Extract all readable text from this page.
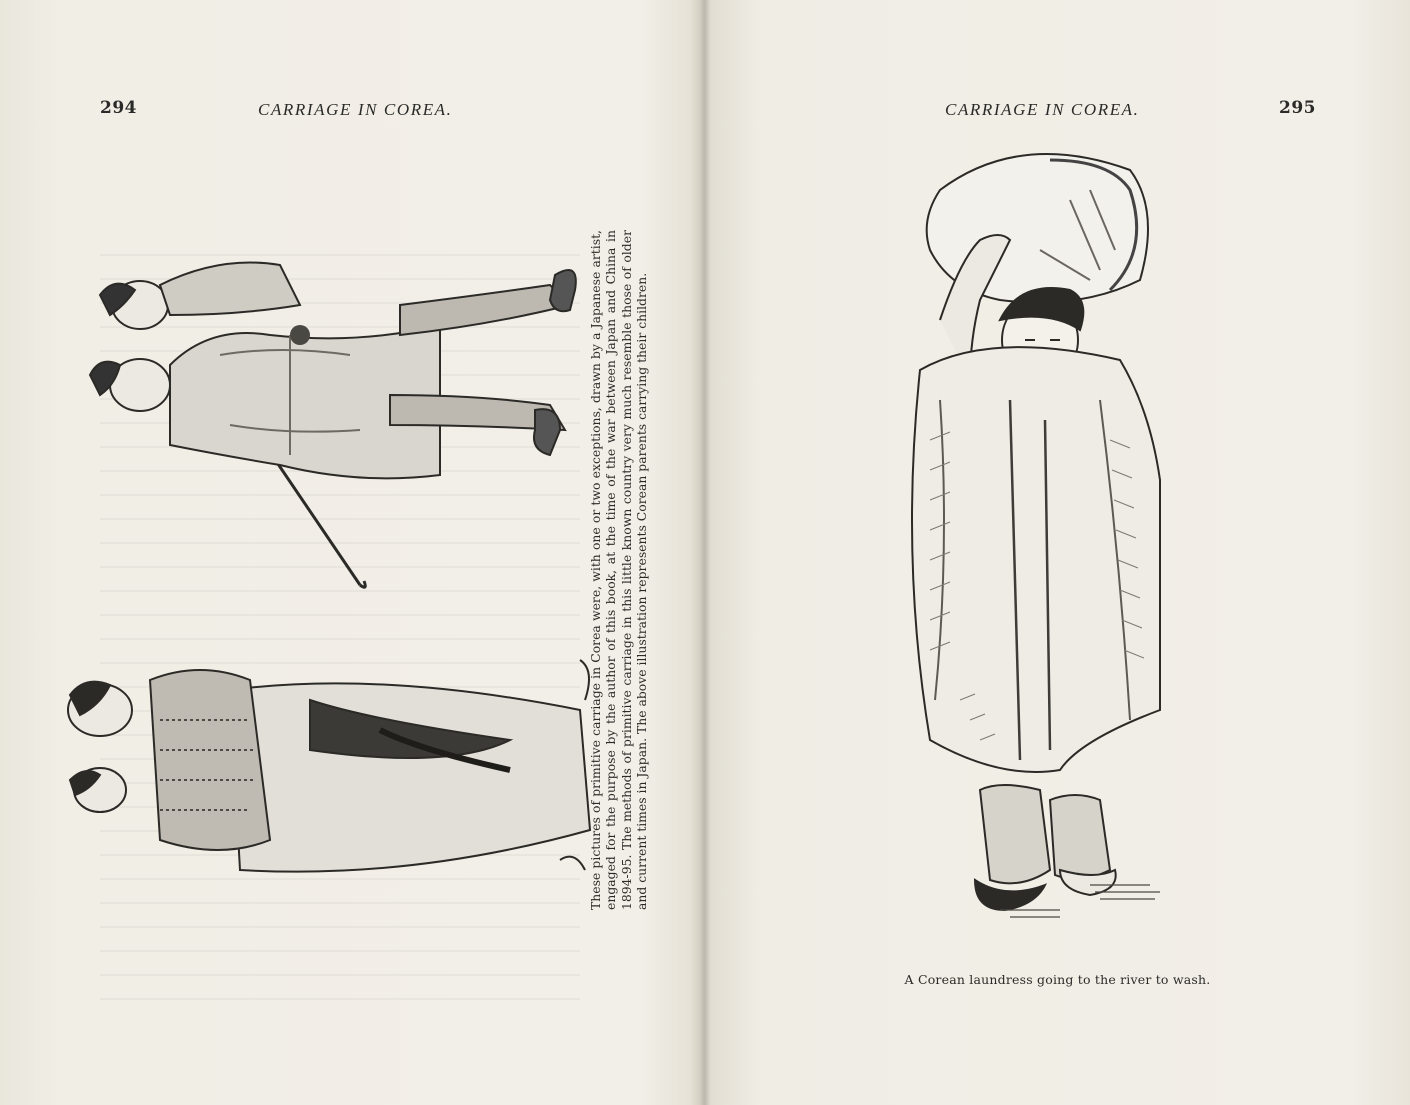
294	CARRIAGE IN COREA.

These pictures of primitive carriage in Corea were, with one or two exceptions, drawn by a Japanese artist, engaged for the purpose by the author of this book, at the time of the war between Japan and China in 1894-95. The methods of primitive carriage in this little known country very much resemble those of older and current times in Japan. The above illustration represents Corean parents carrying their children.

CARRIAGE IN COREA.	295
A Corean laundress going to the river to wash.
